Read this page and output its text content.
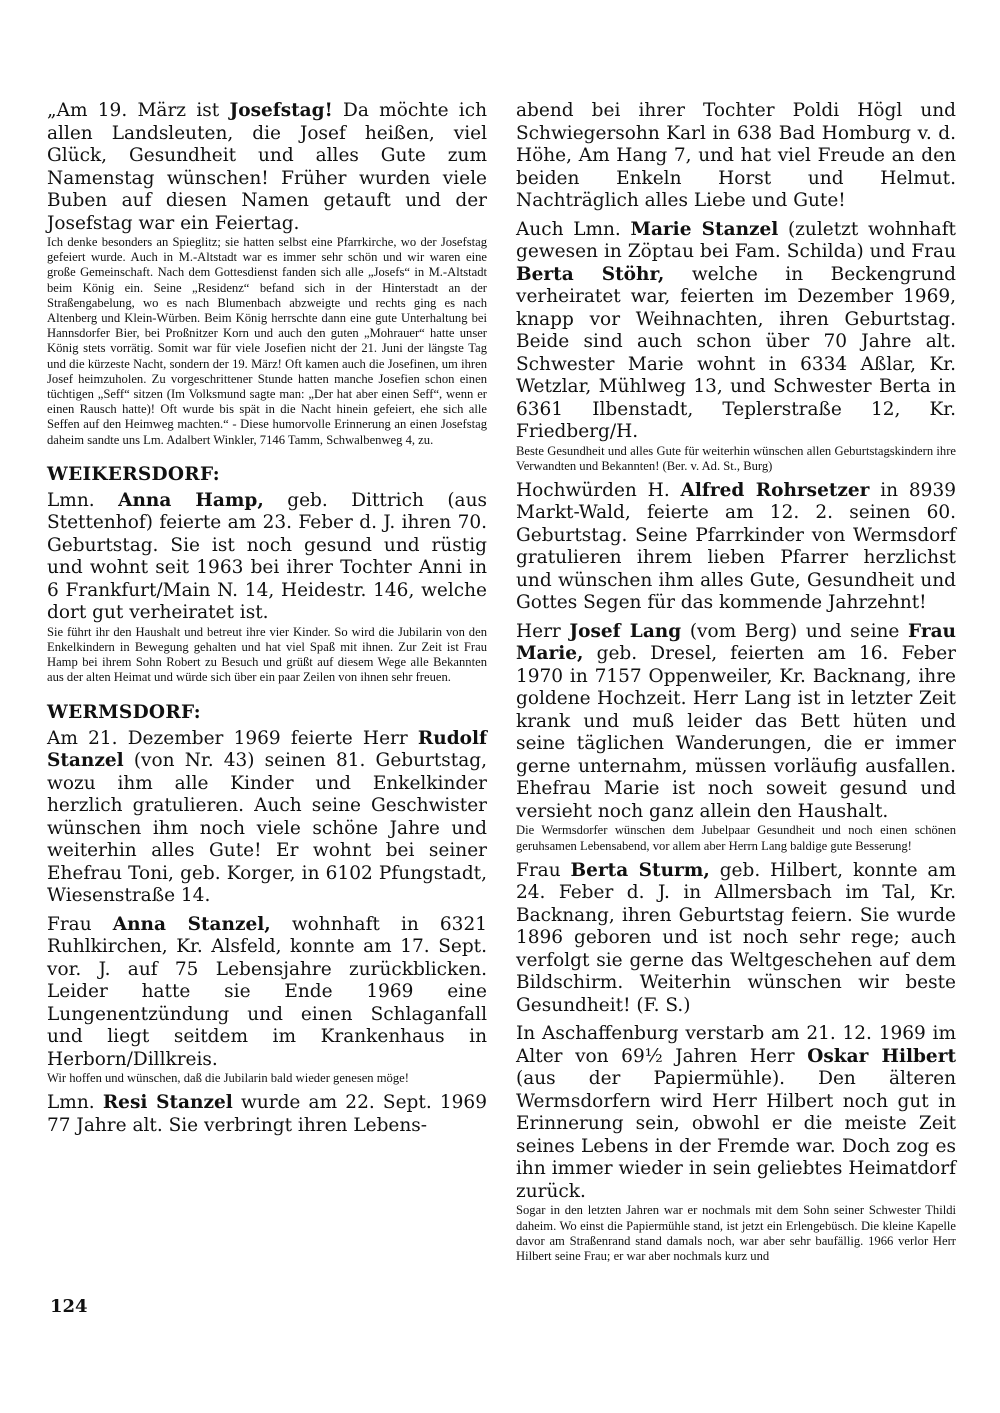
„Am 19. März ist Josefstag! Da möchte ich allen Landsleuten, die Josef heißen, viel Glück, Gesundheit und alles Gute zum Namenstag wünschen! Früher wurden viele Buben auf diesen Namen getauft und der Josefstag war ein Feiertag.

Ich denke besonders an Spieglitz; sie hatten selbst eine Pfarrkirche, wo der Josefstag gefeiert wurde. Auch in M.-Altstadt war es immer sehr schön und wir waren eine große Gemeinschaft. Nach dem Gottesdienst fanden sich alle „Josefs“ in M.-Altstadt beim König ein. Seine „Residenz“ befand sich in der Hinterstadt an der Straßengabelung, wo es nach Blumenbach abzweigte und rechts ging es nach Altenberg und Klein-Würben. Beim König herrschte dann eine gute Unterhaltung bei Hannsdorfer Bier, bei Proßnitzer Korn und auch den guten „Mohrauer“ hatte unser König stets vorrätig. Somit war für viele Josefien nicht der 21. Juni der längste Tag und die kürzeste Nacht, sondern der 19. März! Oft kamen auch die Josefinen, um ihren Josef heimzuholen. Zu vorgeschrittener Stunde hatten manche Josefien schon einen tüchtigen „Seff“ sitzen (Im Volksmund sagte man: „Der hat aber einen Seff“, wenn er einen Rausch hatte)! Oft wurde bis spät in die Nacht hinein gefeiert, ehe sich alle Seffen auf den Heimweg machten.“ - Diese humorvolle Erinnerung an einen Josefstag daheim sandte uns Lm. Adalbert Winkler, 7146 Tamm, Schwalbenweg 4, zu.

WEIKERSDORF:

Lmn. Anna Hamp, geb. Dittrich (aus Stettenhof) feierte am 23. Feber d. J. ihren 70. Geburtstag. Sie ist noch gesund und rüstig und wohnt seit 1963 bei ihrer Tochter Anni in 6 Frankfurt/Main N. 14, Heidestr. 146, welche dort gut verheiratet ist.

Sie führt ihr den Haushalt und betreut ihre vier Kinder. So wird die Jubilarin von den Enkelkindern in Bewegung gehalten und hat viel Spaß mit ihnen. Zur Zeit ist Frau Hamp bei ihrem Sohn Robert zu Besuch und grüßt auf diesem Wege alle Bekannten aus der alten Heimat und würde sich über ein paar Zeilen von ihnen sehr freuen.

WERMSDORF:

Am 21. Dezember 1969 feierte Herr Rudolf Stanzel (von Nr. 43) seinen 81. Geburtstag, wozu ihm alle Kinder und Enkelkinder herzlich gratulieren. Auch seine Geschwister wünschen ihm noch viele schöne Jahre und weiterhin alles Gute! Er wohnt bei seiner Ehefrau Toni, geb. Korger, in 6102 Pfungstadt, Wiesenstraße 14.

Frau Anna Stanzel, wohnhaft in 6321 Ruhlkirchen, Kr. Alsfeld, konnte am 17. Sept. vor. J. auf 75 Lebensjahre zurückblicken. Leider hatte sie Ende 1969 eine Lungenentzündung und einen Schlaganfall und liegt seitdem im Krankenhaus in Herborn/Dillkreis.

Wir hoffen und wünschen, daß die Jubilarin bald wieder genesen möge!

Lmn. Resi Stanzel wurde am 22. Sept. 1969 77 Jahre alt. Sie verbringt ihren Lebens-

abend bei ihrer Tochter Poldi Högl und Schwiegersohn Karl in 638 Bad Homburg v. d. Höhe, Am Hang 7, und hat viel Freude an den beiden Enkeln Horst und Helmut. Nachträglich alles Liebe und Gute!

Auch Lmn. Marie Stanzel (zuletzt wohnhaft gewesen in Zöptau bei Fam. Schilda) und Frau Berta Stöhr, welche in Beckengrund verheiratet war, feierten im Dezember 1969, knapp vor Weihnachten, ihren Geburtstag. Beide sind auch schon über 70 Jahre alt. Schwester Marie wohnt in 6334 Aßlar, Kr. Wetzlar, Mühlweg 13, und Schwester Berta in 6361 Ilbenstadt, Teplerstraße 12, Kr. Friedberg/H.

Beste Gesundheit und alles Gute für weiterhin wünschen allen Geburtstagskindern ihre Verwandten und Bekannten! (Ber. v. Ad. St., Burg)

Hochwürden H. Alfred Rohrsetzer in 8939 Markt-Wald, feierte am 12. 2. seinen 60. Geburtstag. Seine Pfarrkinder von Wermsdorf gratulieren ihrem lieben Pfarrer herzlichst und wünschen ihm alles Gute, Gesundheit und Gottes Segen für das kommende Jahrzehnt!

Herr Josef Lang (vom Berg) und seine Frau Marie, geb. Dresel, feierten am 16. Feber 1970 in 7157 Oppenweiler, Kr. Backnang, ihre goldene Hochzeit. Herr Lang ist in letzter Zeit krank und muß leider das Bett hüten und seine täglichen Wanderungen, die er immer gerne unternahm, müssen vorläufig ausfallen. Ehefrau Marie ist noch soweit gesund und versieht noch ganz allein den Haushalt.

Die Wermsdorfer wünschen dem Jubelpaar Gesundheit und noch einen schönen geruhsamen Lebensabend, vor allem aber Herrn Lang baldige gute Besserung!

Frau Berta Sturm, geb. Hilbert, konnte am 24. Feber d. J. in Allmersbach im Tal, Kr. Backnang, ihren Geburtstag feiern. Sie wurde 1896 geboren und ist noch sehr rege; auch verfolgt sie gerne das Weltgeschehen auf dem Bildschirm. Weiterhin wünschen wir beste Gesundheit! (F. S.)

In Aschaffenburg verstarb am 21. 12. 1969 im Alter von 69½ Jahren Herr Oskar Hilbert (aus der Papiermühle). Den älteren Wermsdorfern wird Herr Hilbert noch gut in Erinnerung sein, obwohl er die meiste Zeit seines Lebens in der Fremde war. Doch zog es ihn immer wieder in sein geliebtes Heimatdorf zurück.

Sogar in den letzten Jahren war er nochmals mit dem Sohn seiner Schwester Thildi daheim. Wo einst die Papiermühle stand, ist jetzt ein Erlengebüsch. Die kleine Kapelle davor am Straßenrand stand damals noch, war aber sehr baufällig. 1966 verlor Herr Hilbert seine Frau; er war aber nochmals kurz und

124
